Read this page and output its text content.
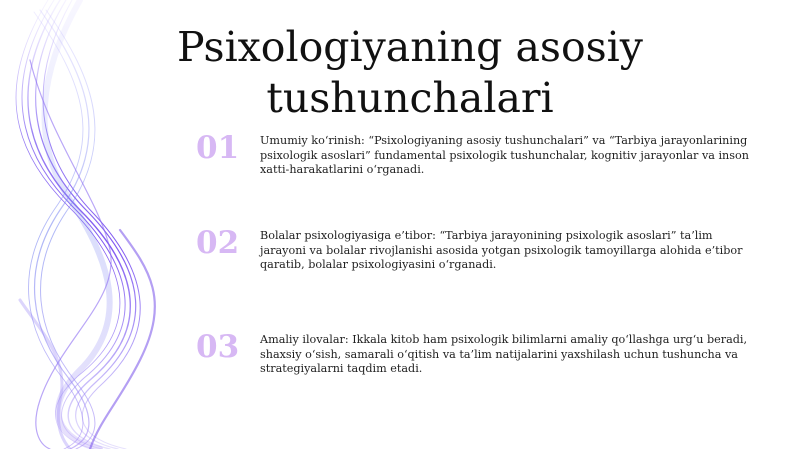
Psixologiyaning asosiy tushunchalari
01	Umumiy ko‘rinish: “Psixologiyaning asosiy tushunchalari” va “Tarbiya jarayonlarining psixologik asoslari” fundamental psixologik tushunchalar, kognitiv jarayonlar va inson xatti-harakatlarini o‘rganadi.

02	Bolalar psixologiyasiga e’tibor: “Tarbiya jarayonining psixologik asoslari” ta’lim jarayoni va bolalar rivojlanishi asosida yotgan psixologik tamoyillarga alohida e’tibor qaratib, bolalar psixologiyasini o‘rganadi.

03	Amaliy ilovalar: Ikkala kitob ham psixologik bilimlarni amaliy qo‘llashga urg‘u beradi, shaxsiy o‘sish, samarali o‘qitish va ta’lim natijalarini yaxshilash uchun tushuncha va strategiyalarni taqdim etadi.
